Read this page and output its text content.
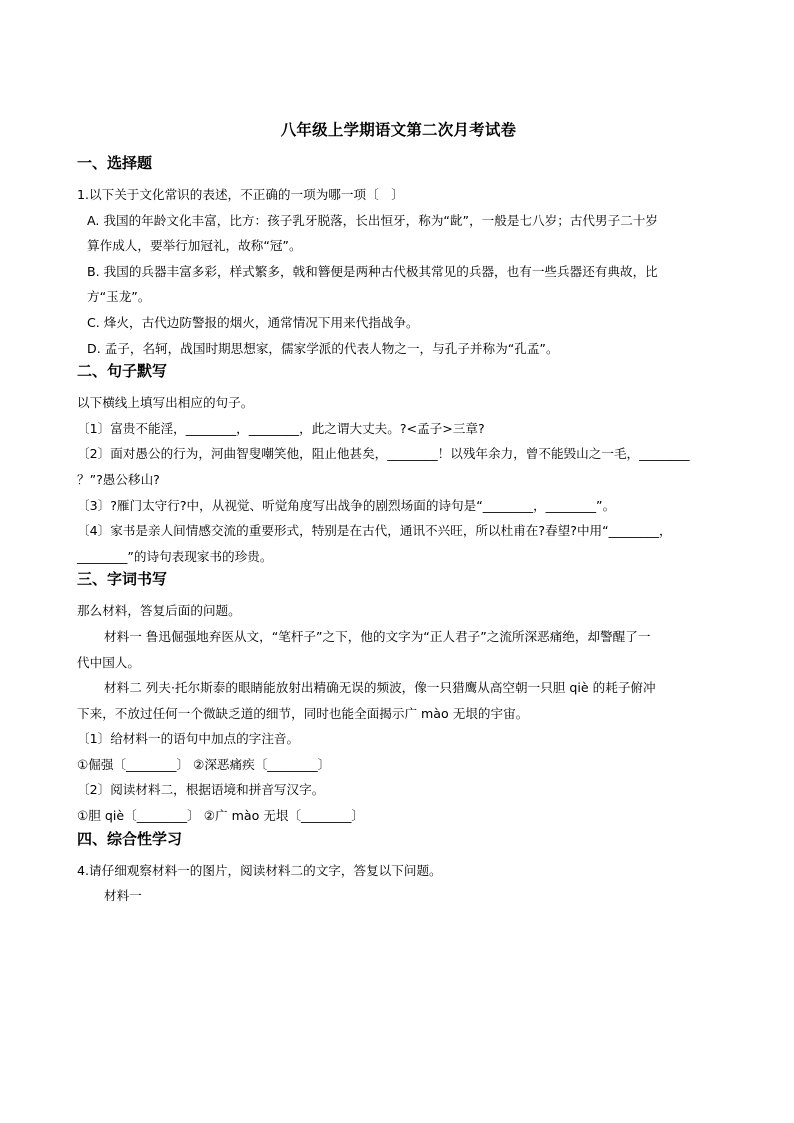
八年级上学期语文第二次月考试卷
一、选择题
1.以下关于文化常识的表述，不正确的一项为哪一项〔　〕
A. 我国的年龄文化丰富，比方：孩子乳牙脱落，长出恒牙，称为“龀”，一般是七八岁；古代男子二十岁
算作成人，要举行加冠礼，故称“冠”。
B. 我国的兵器丰富多彩，样式繁多，戟和簪便是两种古代极其常见的兵器，也有一些兵器还有典故，比
方“玉龙”。
C. 烽火，古代边防警报的烟火，通常情况下用来代指战争。
D. 孟子，名轲，战国时期思想家，儒家学派的代表人物之一，与孔子并称为“孔孟”。
二、句子默写
以下横线上填写出相应的句子。
〔1〕富贵不能淫，________，________，此之谓大丈夫。?<孟子>三章?
〔2〕面对愚公的行为，河曲智叟嘲笑他，阻止他甚矣，________！以残年余力，曾不能毁山之一毛，________
？”?愚公移山?
〔3〕?雁门太守行?中，从视觉、听觉角度写出战争的剧烈场面的诗句是“________，________”。
〔4〕家书是亲人间情感交流的重要形式，特别是在古代，通讯不兴旺，所以杜甫在?春望?中用“________，
________”的诗句表现家书的珍贵。
三、字词书写
那么材料，答复后面的问题。
材料一 鲁迅倔强地弃医从文，“笔杆子”之下，他的文字为“正人君子”之流所深恶痛绝，却警醒了一
代中国人。
材料二 列夫·托尔斯泰的眼睛能放射出精确无误的频波，像一只猎鹰从高空朝一只胆 qiè 的耗子俯冲
下来，不放过任何一个微缺乏道的细节，同时也能全面揭示广 mào 无垠的宇宙。
〔1〕给材料一的语句中加点的字注音。
①倔强〔________〕 ②深恶痛疾〔________〕
〔2〕阅读材料二，根据语境和拼音写汉字。
①胆 qiè〔________〕 ②广 mào 无垠〔________〕
四、综合性学习
4.请仔细观察材料一的图片，阅读材料二的文字，答复以下问题。
材料一
